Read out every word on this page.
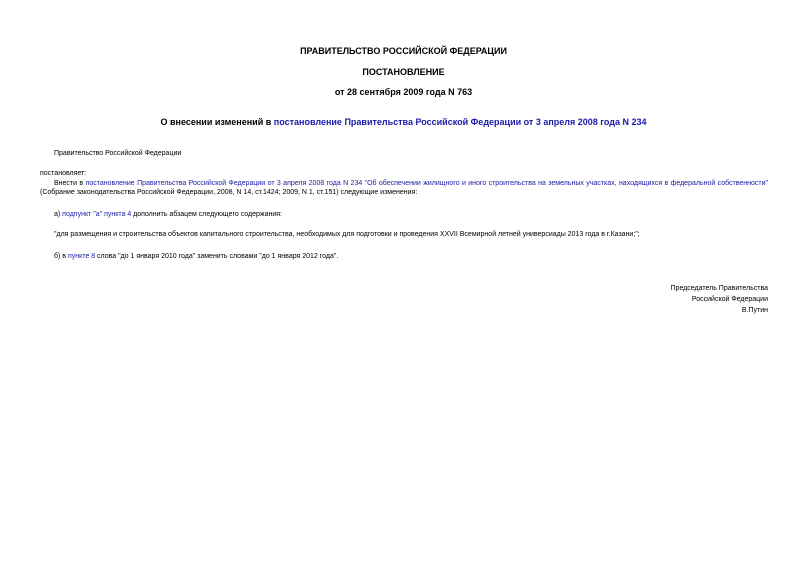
ПРАВИТЕЛЬСТВО РОССИЙСКОЙ ФЕДЕРАЦИИ
ПОСТАНОВЛЕНИЕ
от 28 сентября 2009 года N 763
О внесении изменений в постановление Правительства Российской Федерации от 3 апреля 2008 года N 234
Правительство Российской Федерации
постановляет:
Внести в постановление Правительства Российской Федерации от 3 апреля 2008 года N 234 "Об обеспечении жилищного и иного строительства на земельных участках, находящихся в федеральной собственности" (Собрание законодательства Российской Федерации, 2008, N 14, ст.1424; 2009, N 1, ст.151) следующие изменения:
а) подпункт "а" пункта 4 дополнить абзацем следующего содержания:
"для размещения и строительства объектов капитального строительства, необходимых для подготовки и проведения XXVII Всемирной летней универсиады 2013 года в г.Казани;";
б) в пункте 8 слова "до 1 января 2010 года" заменить словами "до 1 января 2012 года".
Председатель Правительства
Российской Федерации
В.Путин
